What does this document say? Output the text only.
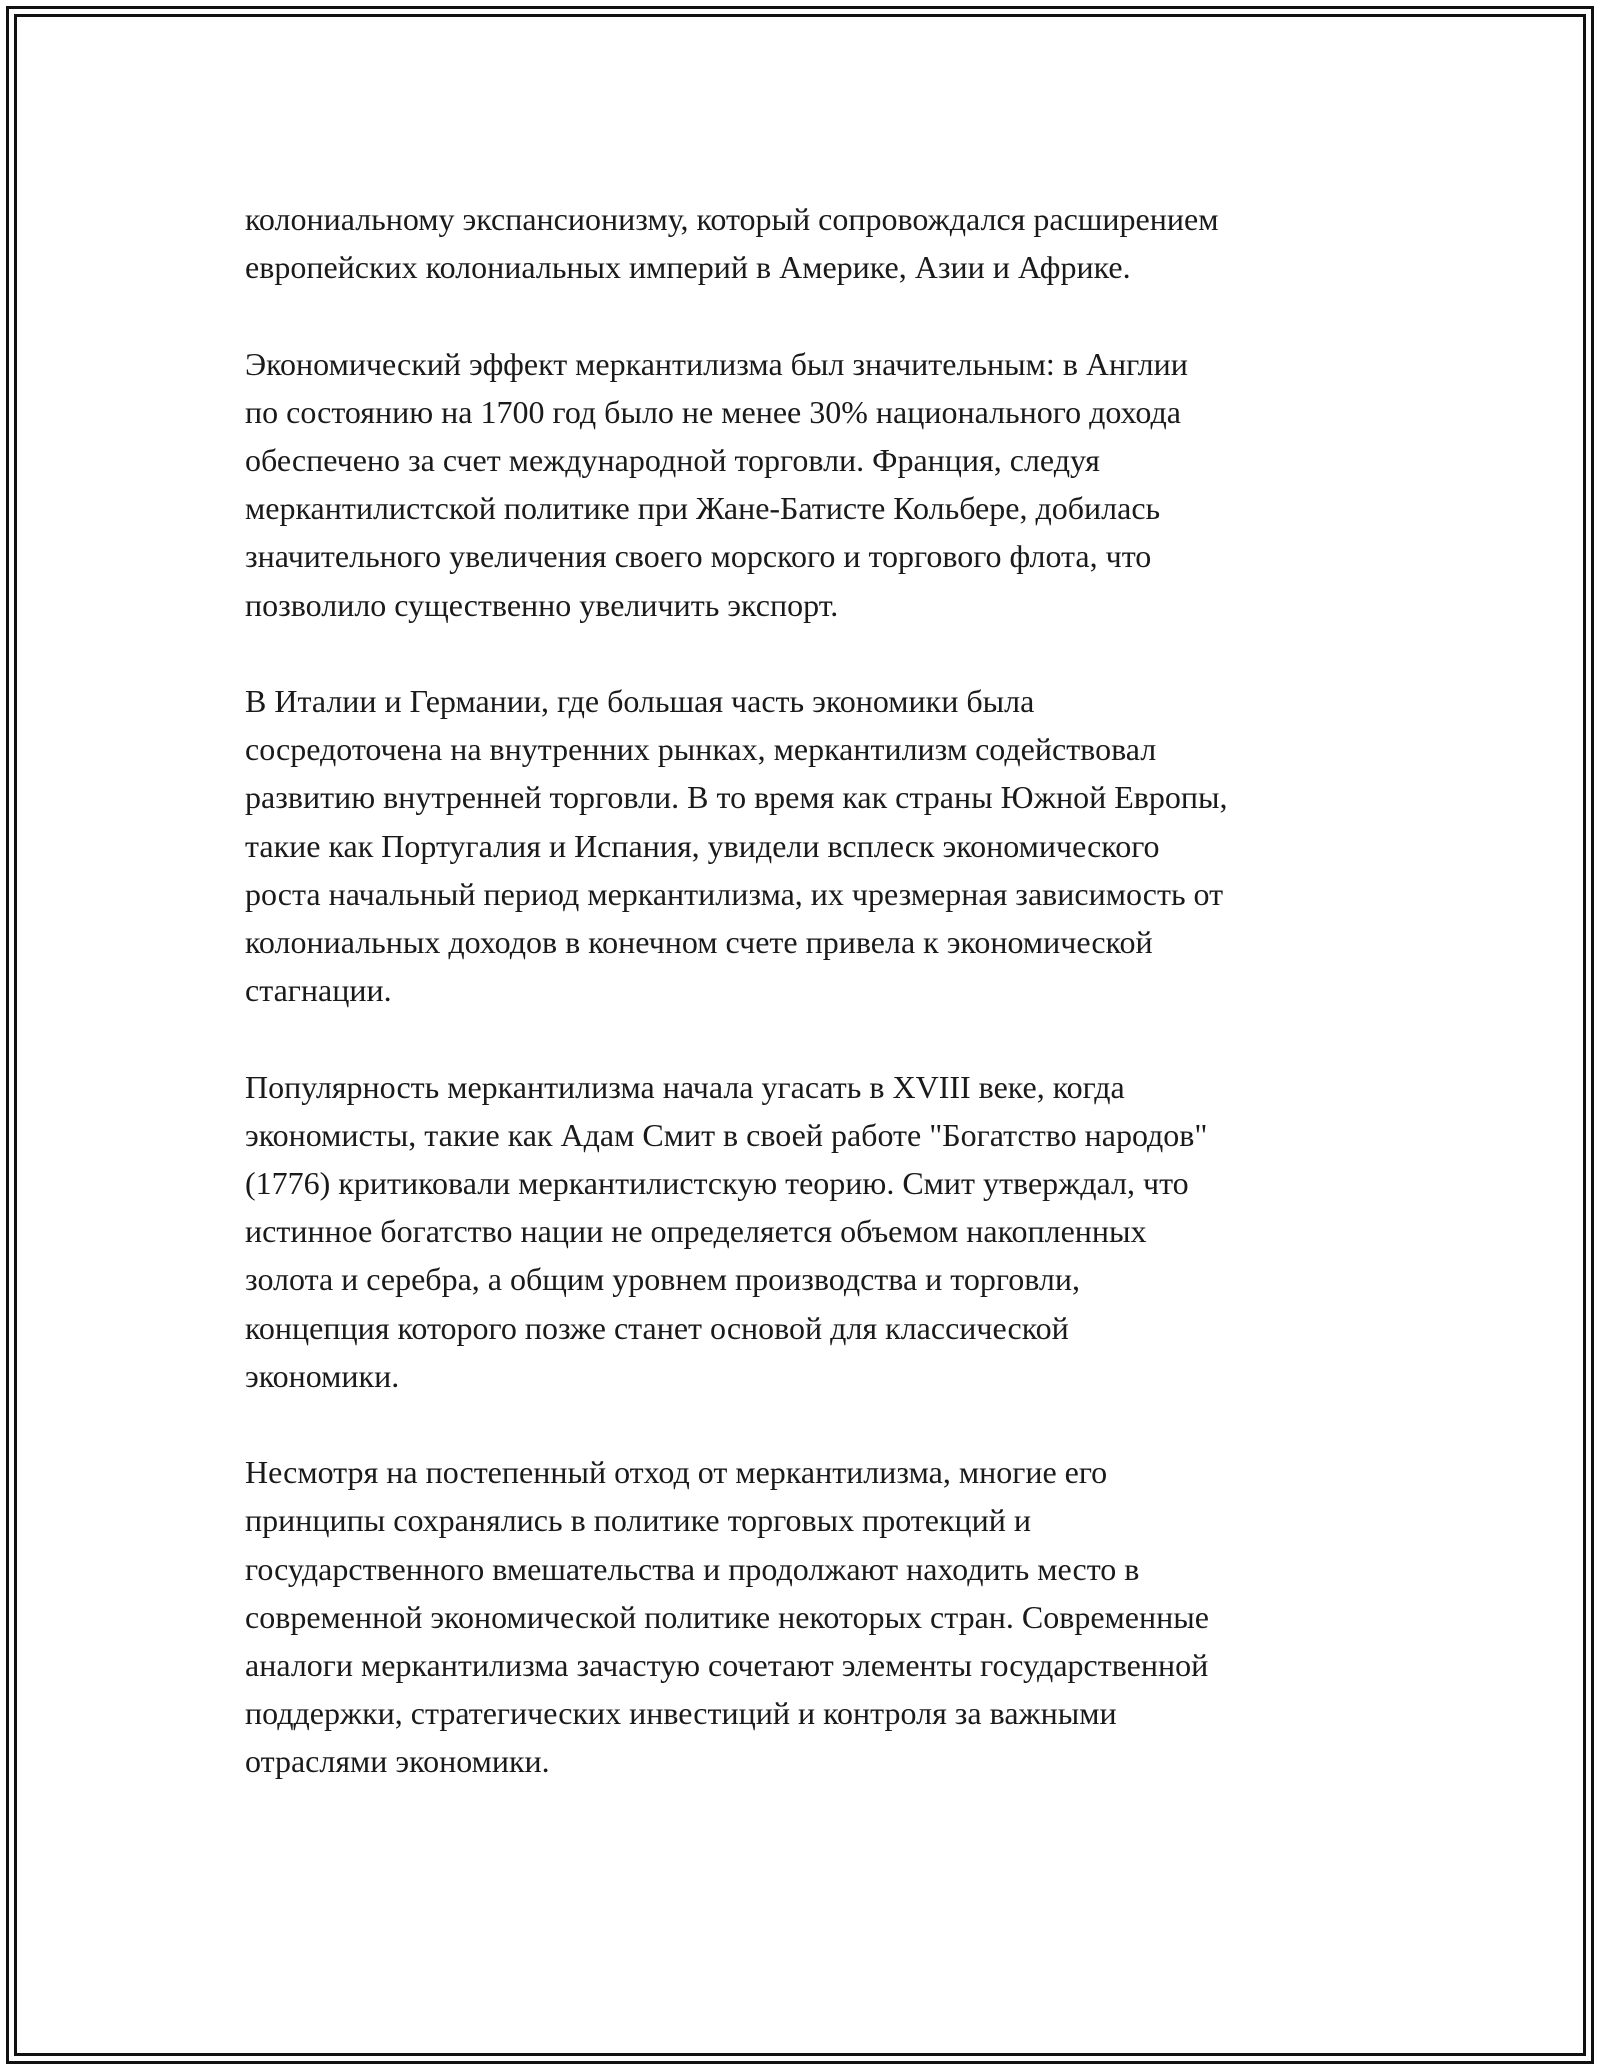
колониальному экспансионизму, который сопровождался расширением
европейских колониальных империй в Америке, Азии и Африке.

Экономический эффект меркантилизма был значительным: в Англии
по состоянию на 1700 год было не менее 30% национального дохода
обеспечено за счет международной торговли. Франция, следуя
меркантилистской политике при Жане-Батисте Кольбере, добилась
значительного увеличения своего морского и торгового флота, что
позволило существенно увеличить экспорт.

В Италии и Германии, где большая часть экономики была
сосредоточена на внутренних рынках, меркантилизм содействовал
развитию внутренней торговли. В то время как страны Южной Европы,
такие как Португалия и Испания, увидели всплеск экономического
роста начальный период меркантилизма, их чрезмерная зависимость от
колониальных доходов в конечном счете привела к экономической
стагнации.

Популярность меркантилизма начала угасать в XVIII веке, когда
экономисты, такие как Адам Смит в своей работе "Богатство народов"
(1776) критиковали меркантилистскую теорию. Смит утверждал, что
истинное богатство нации не определяется объемом накопленных
золота и серебра, а общим уровнем производства и торговли,
концепция которого позже станет основой для классической
экономики.

Несмотря на постепенный отход от меркантилизма, многие его
принципы сохранялись в политике торговых протекций и
государственного вмешательства и продолжают находить место в
современной экономической политике некоторых стран. Современные
аналоги меркантилизма зачастую сочетают элементы государственной
поддержки, стратегических инвестиций и контроля за важными
отраслями экономики.
